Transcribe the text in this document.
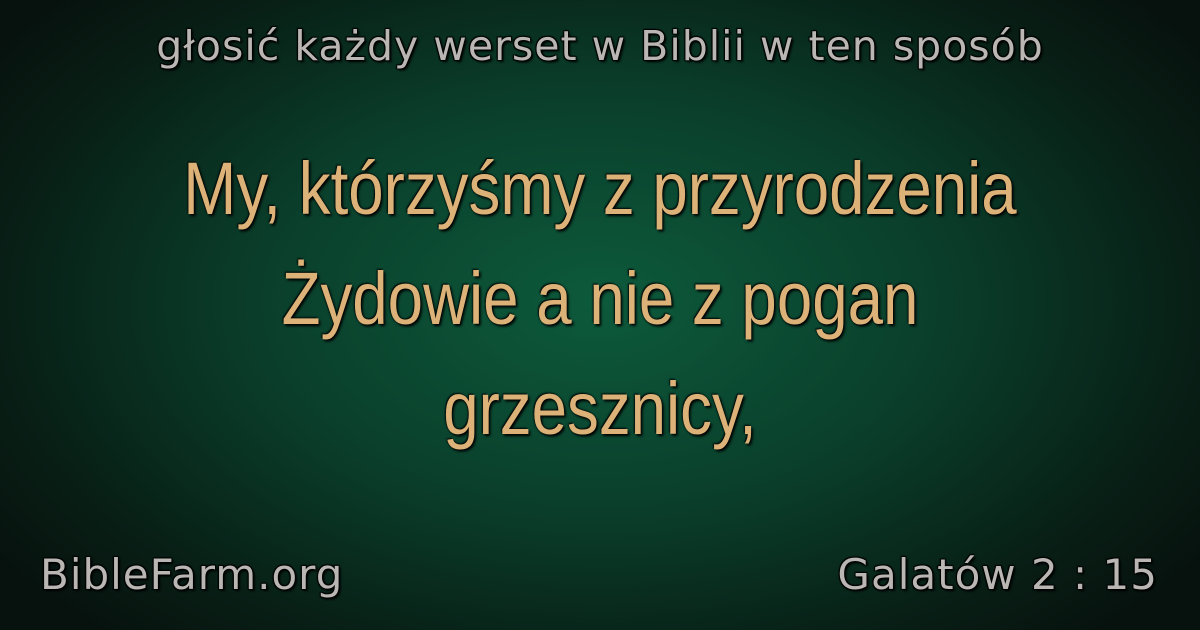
głosić każdy werset w Biblii w ten sposób
My, którzyśmy z przyrodzenia
Żydowie a nie z pogan
grzesznicy,
BibleFarm.org	Galatów 2 : 15
